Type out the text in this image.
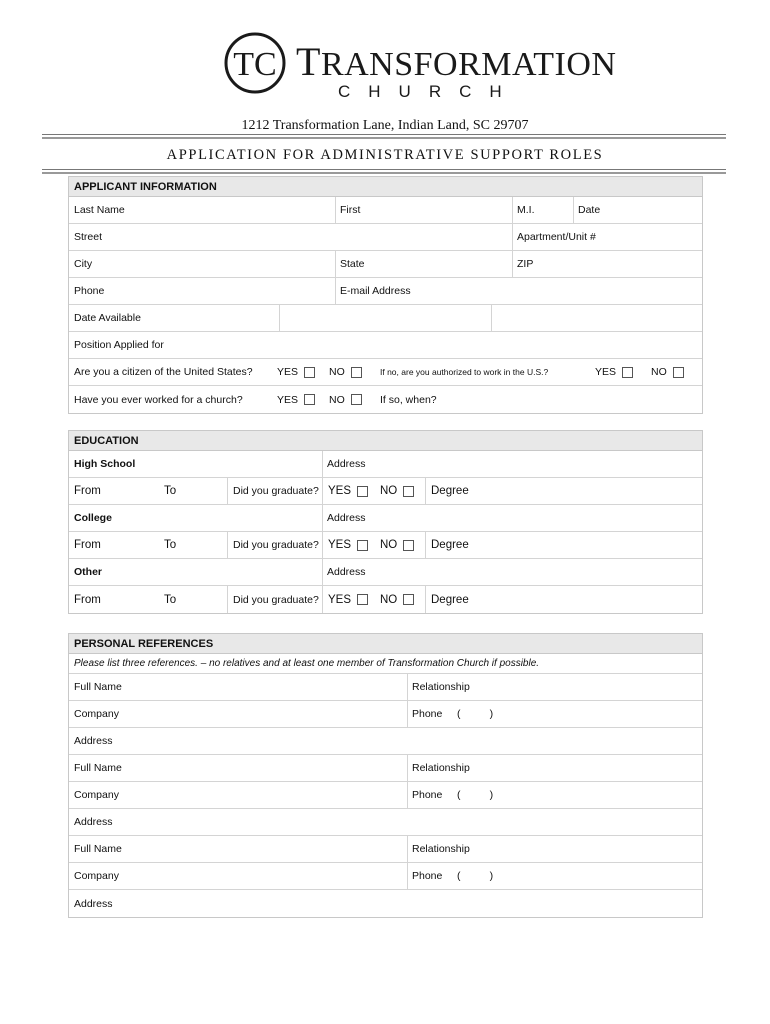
TC TRANSFORMATION
CHURCH
1212 Transformation Lane, Indian Land, SC 29707
APPLICATION FOR ADMINISTRATIVE SUPPORT ROLES
APPLICANT INFORMATION
Last Name	First	M.I.	Date
Street	Apartment/Unit #
City	State	ZIP
Phone	E-mail Address
Date Available
Position Applied for
Are you a citizen of the United States? YES	NO	If no, are you authorized to work in the U.S.?	YES	NO
Have you ever worked for a church?	YES	NO	If so, when?
EDUCATION
High School	Address
From	To	Did you graduate? YES	NO	Degree
College	Address
From	To	Did you graduate? YES	NO	Degree
Other	Address
From	To	Did you graduate? YES	NO	Degree
PERSONAL REFERENCES
Please list three references. – no relatives and at least one member of Transformation Church if possible.
Full Name	Relationship
Company	Phone     (          )
Address
Full Name	Relationship
Company	Phone     (          )
Address
Full Name	Relationship
Company	Phone     (          )
Address
